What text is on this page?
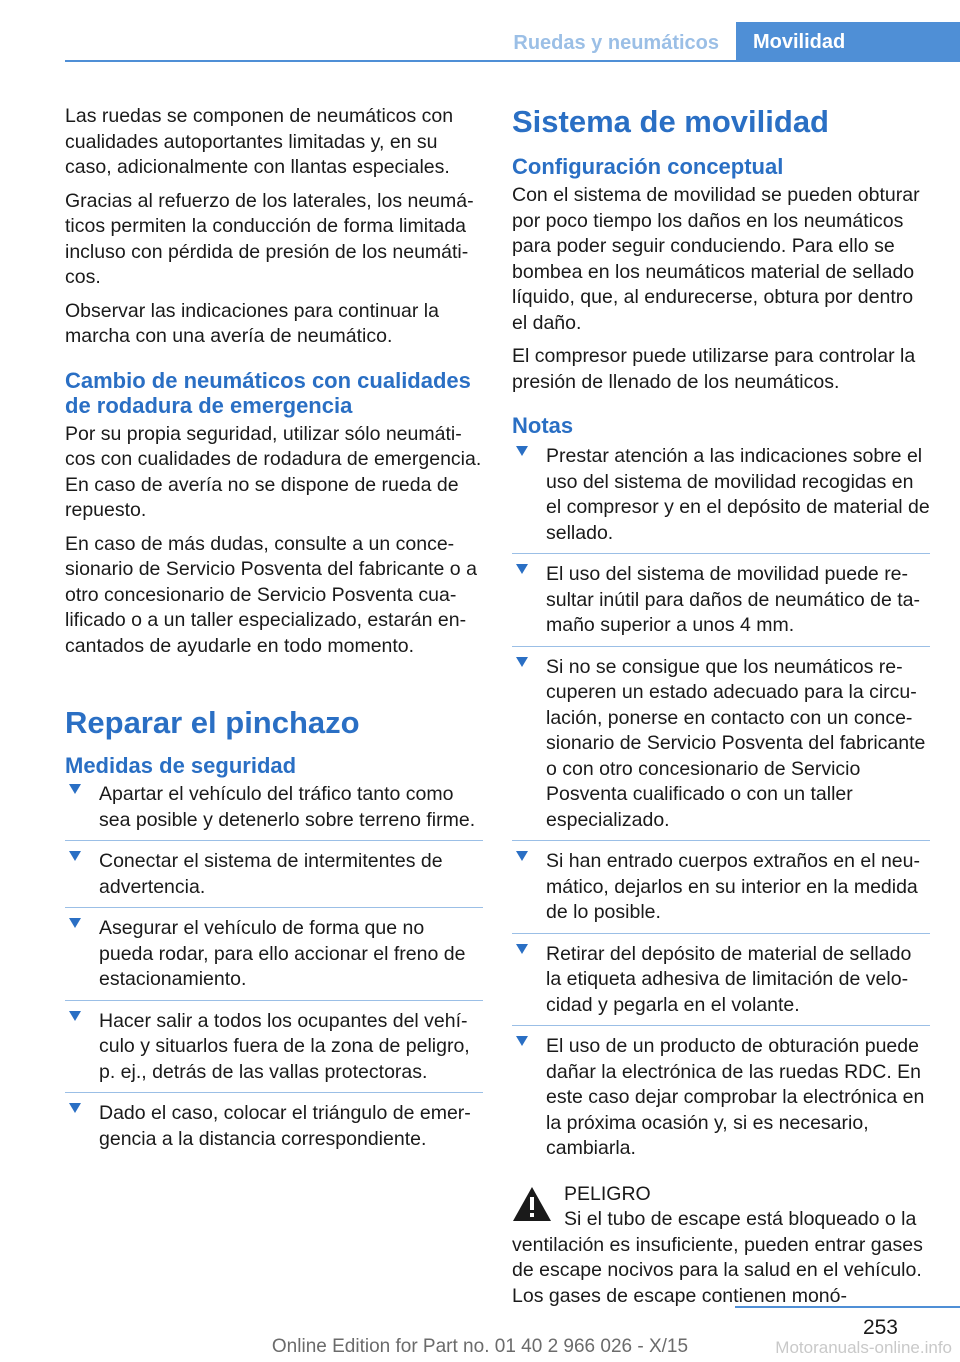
Ruedas y neumáticos	Movilidad

Las ruedas se componen de neumáticos con cualidades autoportantes limitadas y, en su caso, adicionalmente con llantas especiales.

Gracias al refuerzo de los laterales, los neumáticos permiten la conducción de forma limitada incluso con pérdida de presión de los neumáticos.

Observar las indicaciones para continuar la marcha con una avería de neumático.

Cambio de neumáticos con cualidades de rodadura de emergencia

Por su propia seguridad, utilizar sólo neumáticos con cualidades de rodadura de emergencia. En caso de avería no se dispone de rueda de repuesto.

En caso de más dudas, consulte a un concesionario de Servicio Posventa del fabricante o a otro concesionario de Servicio Posventa cualificado o a un taller especializado, estarán encantados de ayudarle en todo momento.

Reparar el pinchazo
Medidas de seguridad
Apartar el vehículo del tráfico tanto como sea posible y detenerlo sobre terreno firme.
Conectar el sistema de intermitentes de advertencia.
Asegurar el vehículo de forma que no pueda rodar, para ello accionar el freno de estacionamiento.
Hacer salir a todos los ocupantes del vehículo y situarlos fuera de la zona de peligro, p. ej., detrás de las vallas protectoras.
Dado el caso, colocar el triángulo de emergencia a la distancia correspondiente.
Sistema de movilidad
Configuración conceptual

Con el sistema de movilidad se pueden obturar por poco tiempo los daños en los neumáticos para poder seguir conduciendo. Para ello se bombea en los neumáticos material de sellado líquido, que, al endurecerse, obtura por dentro el daño.

El compresor puede utilizarse para controlar la presión de llenado de los neumáticos.

Notas
Prestar atención a las indicaciones sobre el uso del sistema de movilidad recogidas en el compresor y en el depósito de material de sellado.
El uso del sistema de movilidad puede resultar inútil para daños de neumático de tamaño superior a unos 4 mm.
Si no se consigue que los neumáticos recuperen un estado adecuado para la circulación, ponerse en contacto con un concesionario de Servicio Posventa del fabricante o con otro concesionario de Servicio Posventa cualificado o con un taller especializado.
Si han entrado cuerpos extraños en el neumático, dejarlos en su interior en la medida de lo posible.
Retirar del depósito de material de sellado la etiqueta adhesiva de limitación de velocidad y pegarla en el volante.
El uso de un producto de obturación puede dañar la electrónica de las ruedas RDC. En este caso dejar comprobar la electrónica en la próxima ocasión y, si es necesario, cambiarla.
PELIGRO
Si el tubo de escape está bloqueado o la
ventilación es insuficiente, pueden entrar gases de escape nocivos para la salud en el vehículo. Los gases de escape contienen monó-
253
Online Edition for Part no. 01 40 2 966 026 - X/15	Motoranuals-online.info
